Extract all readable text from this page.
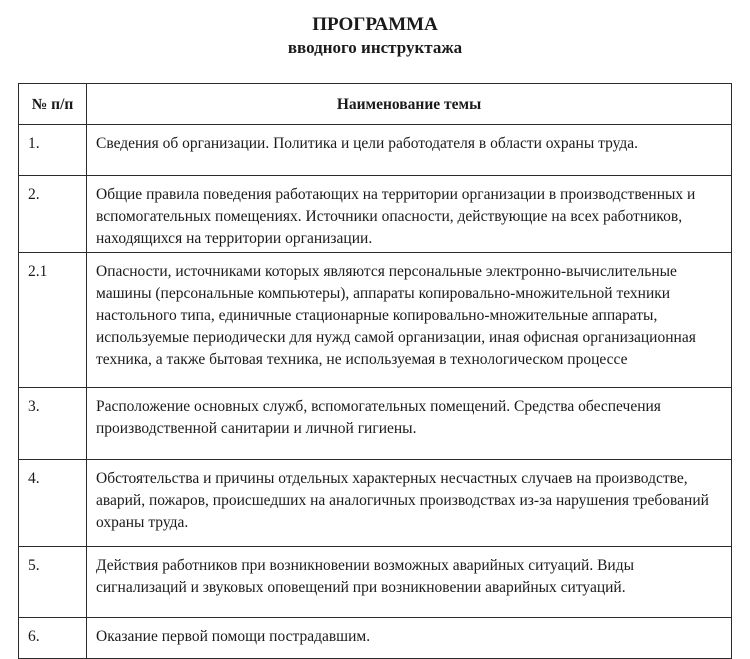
ПРОГРАММА
вводного инструктажа
№ п/п	Наименование темы
1.	Сведения об организации. Политика и цели работодателя в области охраны труда.
2.	Общие правила поведения работающих на территории организации в производственных и вспомогательных помещениях. Источники опасности, действующие на всех работников, находящихся на территории организации.
2.1	Опасности, источниками которых являются персональные электронно-вычислительные машины (персональные компьютеры), аппараты копировально-множительной техники настольного типа, единичные стационарные копировально-множительные аппараты, используемые периодически для нужд самой организации, иная офисная организационная техника, а также бытовая техника, не используемая в технологическом процессе
3.	Расположение основных служб, вспомогательных помещений. Средства обеспечения производственной санитарии и личной гигиены.
4.	Обстоятельства и причины отдельных характерных несчастных случаев на производстве, аварий, пожаров, происшедших на аналогичных производствах из-за нарушения требований охраны труда.
5.	Действия работников при возникновении возможных аварийных ситуаций. Виды сигнализаций и звуковых оповещений при возникновении аварийных ситуаций.
6.	Оказание первой помощи пострадавшим.
